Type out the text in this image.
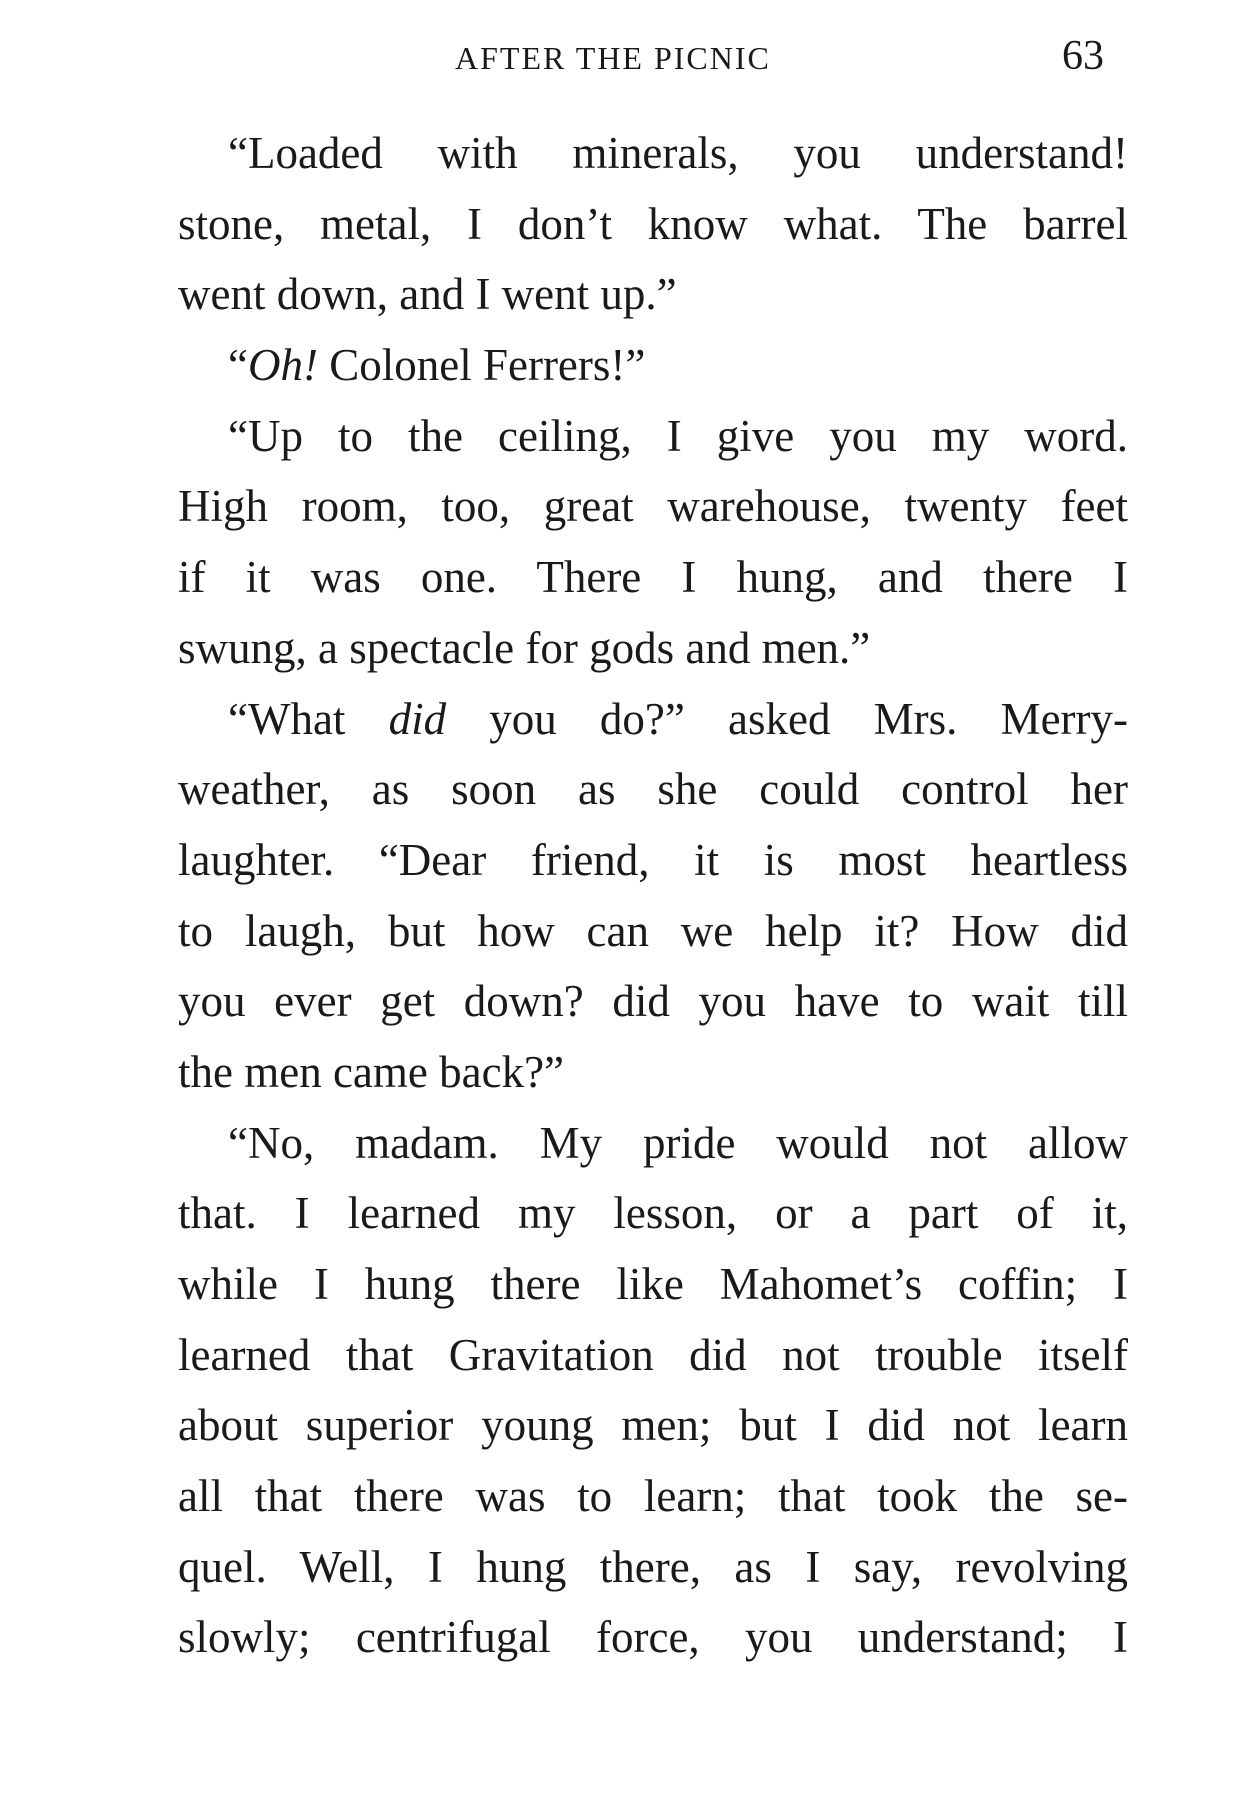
AFTER THE PICNIC	63
“Loaded with minerals, you understand!
stone, metal, I don’t know what. The barrel
went down, and I went up.”
“Oh! Colonel Ferrers!”
“Up to the ceiling, I give you my word.
High room, too, great warehouse, twenty feet
if it was one. There I hung, and there I
swung, a spectacle for gods and men.”
“What did you do?” asked Mrs. Merry-
weather, as soon as she could control her
laughter. “Dear friend, it is most heartless
to laugh, but how can we help it? How did
you ever get down? did you have to wait till
the men came back?”
“No, madam. My pride would not allow
that. I learned my lesson, or a part of it,
while I hung there like Mahomet’s coffin; I
learned that Gravitation did not trouble itself
about superior young men; but I did not learn
all that there was to learn; that took the se-
quel. Well, I hung there, as I say, revolving
slowly; centrifugal force, you understand; I
